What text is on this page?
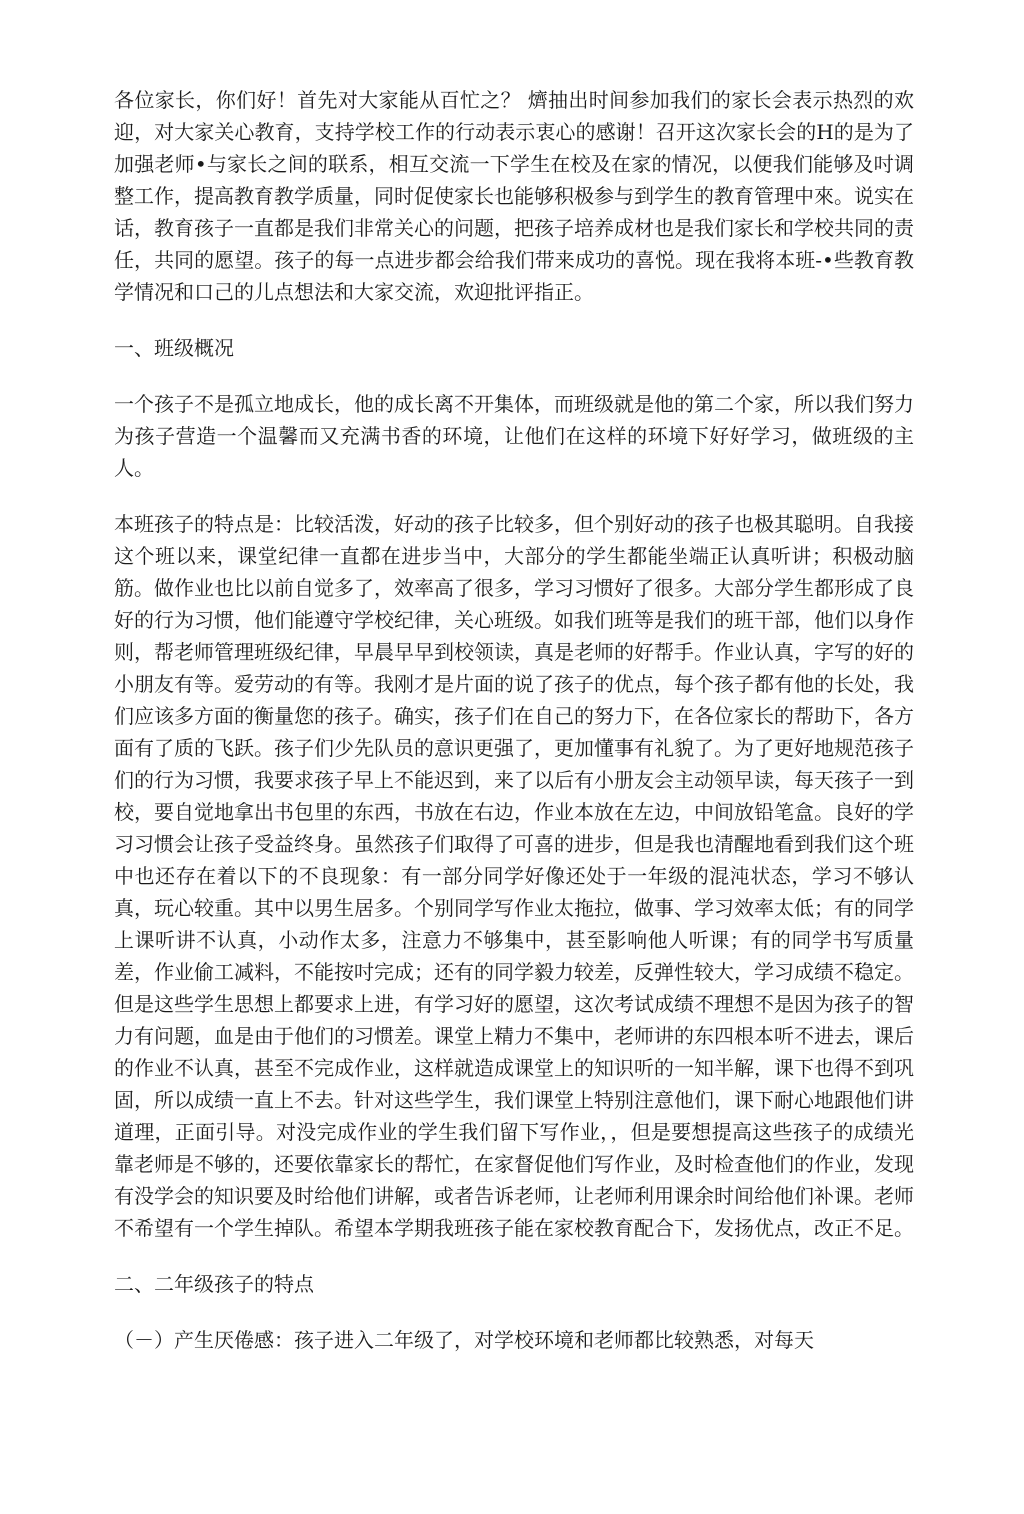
各位家长，你们好！首先对大家能从百忙之？ 㸄抽出时间参加我们的家长会表示热烈的欢迎，对大家关心教育，支持学校工作的行动表示衷心的感谢！召开这次家长会的H的是为了加强老师•与家长之间的联系，相互交流一下学生在校及在家的情况，以便我们能够及吋调整工作，提高教育教学质量，同时促使家长也能够积极参与到学生的教育管理中來。说实在话，教育孩子一直都是我们非常关心的问题，把孩子培养成材也是我们家长和学校共同的责任，共同的愿望。孩子的每一点进步都会给我们带来成功的喜悦。现在我将本班-•些教育教学情况和口己的儿点想法和大家交流，欢迎批评指正。

一、班级概况

一个孩子不是孤立地成长，他的成长离不开集体，而班级就是他的第二个家，所以我们努力为孩子营造一个温馨而又充满书香的环境，让他们在这样的环境下好好学习，做班级的主人。

本班孩子的特点是：比较活泼，好动的孩子比较多，但个别好动的孩子也极其聪明。自我接这个班以来，课堂纪律一直都在进步当中，大部分的学生都能坐端正认真听讲；积极动脑筋。做作业也比以前自觉多了，效率高了很多，学习习惯好了很多。大部分学生都形成了良好的行为习惯，他们能遵守学校纪律，关心班级。如我们班等是我们的班干部，他们以身作则，帮老师管理班级纪律，早晨早早到校领读，真是老师的好帮手。作业认真，字写的好的小朋友有等。爱劳动的有等。我刚才是片面的说了孩子的优点，每个孩子都有他的长处，我们应该多方面的衡量您的孩子。确实，孩子们在自己的努力下，在各位家长的帮助下，各方面有了质的飞跃。孩子们少先队员的意识更强了，更加懂事有礼貌了。为了更好地规范孩子们的行为习惯，我要求孩子早上不能迟到，来了以后有小册友会主动领早读，每天孩子一到校，要自觉地拿出书包里的东西，书放在右边，作业本放在左边，中间放铅笔盒。良好的学习习惯会让孩子受益终身。虽然孩子们取得了可喜的进步，但是我也清醒地看到我们这个班中也还存在着以下的不良现象：有一部分同学好像还处于一年级的混沌状态，学习不够认真，玩心较重。其中以男生居多。个别同学写作业太拖拉，做事、学习效率太低；有的同学上课听讲不认真，小动作太多，注意力不够集中，甚至影响他人听课；有的同学书写质量差，作业偷工减料，不能按吋完成；还有的同学毅力较差，反弹性较大，学习成绩不稳定。但是这些学生思想上都要求上进，有学习好的愿望，这次考试成绩不理想不是因为孩子的智力有问题，血是由于他们的习惯差。课堂上精力不集中，老师讲的东四根本听不进去，课后的作业不认真，甚至不完成作业，这样就造成课堂上的知识听的一知半解，课下也得不到巩固，所以成绩一直上不去。针对这些学生，我们课堂上特别注意他们，课下耐心地跟他们讲道理，正面引导。对没完成作业的学生我们留下写作业，，但是要想提高这些孩子的成绩光靠老师是不够的，还要依靠家长的帮忙，在家督促他们写作业，及时检查他们的作业，发现有没学会的知识要及时给他们讲解，或者告诉老师，让老师利用课余时间给他们补课。老师不希望有一个学生掉队。希望本学期我班孩子能在家校教育配合下，发扬优点，改正不足。

二、二年级孩子的特点

（－）产生厌倦感：孩子进入二年级了，对学校环境和老师都比较熟悉，对每天
